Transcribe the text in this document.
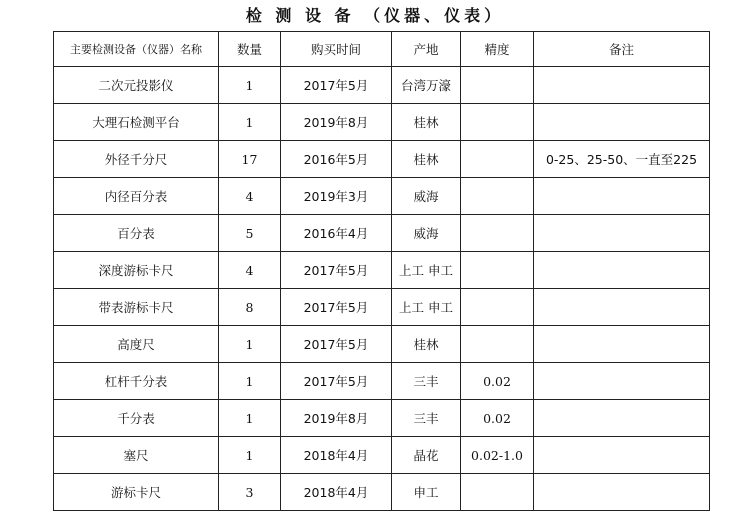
检 测 设 备 （仪器、仪表）
主要检测设备（仪器）名称	数量	购买时间	产地	精度	备注
二次元投影仪	1	2017年5月	台湾万濠		
大理石检测平台	1	2019年8月	桂林		
外径千分尺	17	2016年5月	桂林		0-25、25-50、一直至225
内径百分表	4	2019年3月	威海		
百分表	5	2016年4月	威海		
深度游标卡尺	4	2017年5月	上工 申工		
带表游标卡尺	8	2017年5月	上工 申工		
高度尺	1	2017年5月	桂林		
杠杆千分表	1	2017年5月	三丰	0.02	
千分表	1	2019年8月	三丰	0.02	
塞尺	1	2018年4月	晶花	0.02-1.0	
游标卡尺	3	2018年4月	申工		
